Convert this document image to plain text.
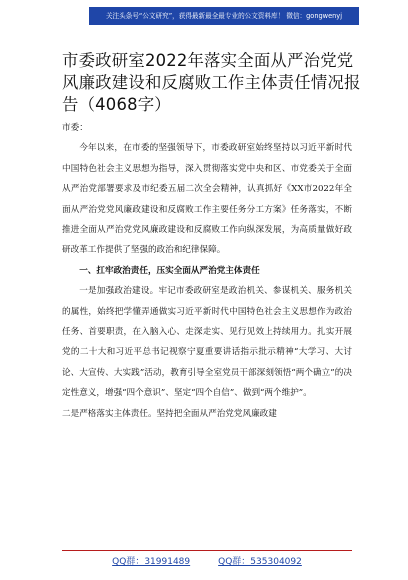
关注头条号“公文研究”，获得最新最全最专业的公文资料库！ 微信：gongwenyj
市委政研室2022年落实全面从严治党党风廉政建设和反腐败工作主体责任情况报告（4068字）

市委：

今年以来，在市委的坚强领导下，市委政研室始终坚持以习近平新时代中国特色社会主义思想为指导，深入贯彻落实党中央和区、市党委关于全面从严治党部署要求及市纪委五届二次全会精神，认真抓好《XX市2022年全面从严治党党风廉政建设和反腐败工作主要任务分工方案》任务落实，不断推进全面从严治党党风廉政建设和反腐败工作向纵深发展，为高质量做好政研改革工作提供了坚强的政治和纪律保障。

一、扛牢政治责任，压实全面从严治党主体责任

一是加强政治建设。牢记市委政研室是政治机关、参谋机关、服务机关的属性，始终把学懂弄通做实习近平新时代中国特色社会主义思想作为政治任务、首要职责，在入脑入心、走深走实、见行见效上持续用力。扎实开展党的二十大和习近平总书记视察宁夏重要讲话指示批示精神“大学习、大讨论、大宣传、大实践”活动，教育引导全室党员干部深刻领悟“两个确立”的决定性意义，增强“四个意识”、坚定“四个自信”、做到“两个维护”。

二是严格落实主体责任。坚持把全面从严治党党风廉政建

QQ群：31991489	QQ群：535304092
